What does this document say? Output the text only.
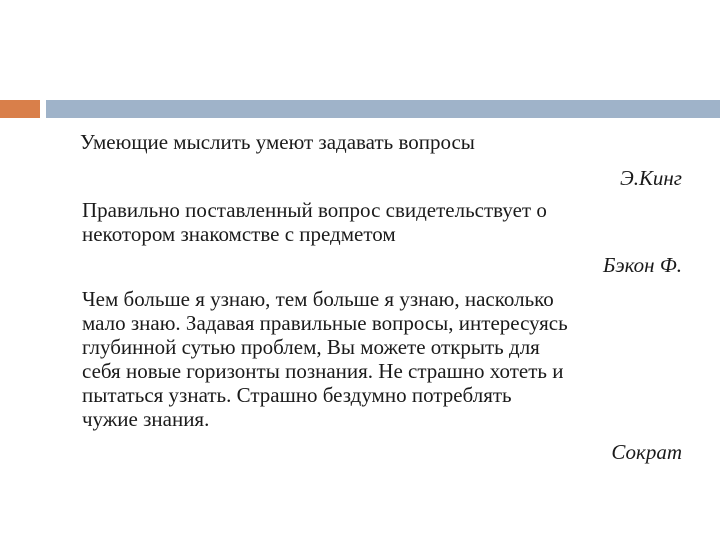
Умеющие мыслить умеют задавать вопросы

Э.Кинг

Правильно поставленный вопрос свидетельствует о

некотором знакомстве с предметом

Бэкон Ф.

Чем больше я узнаю, тем больше я узнаю, насколько

мало знаю. Задавая правильные вопросы, интересуясь

глубинной сутью проблем, Вы можете открыть для

себя новые горизонты познания. Не страшно хотеть и

пытаться узнать. Страшно бездумно потреблять

чужие знания.

Сократ
